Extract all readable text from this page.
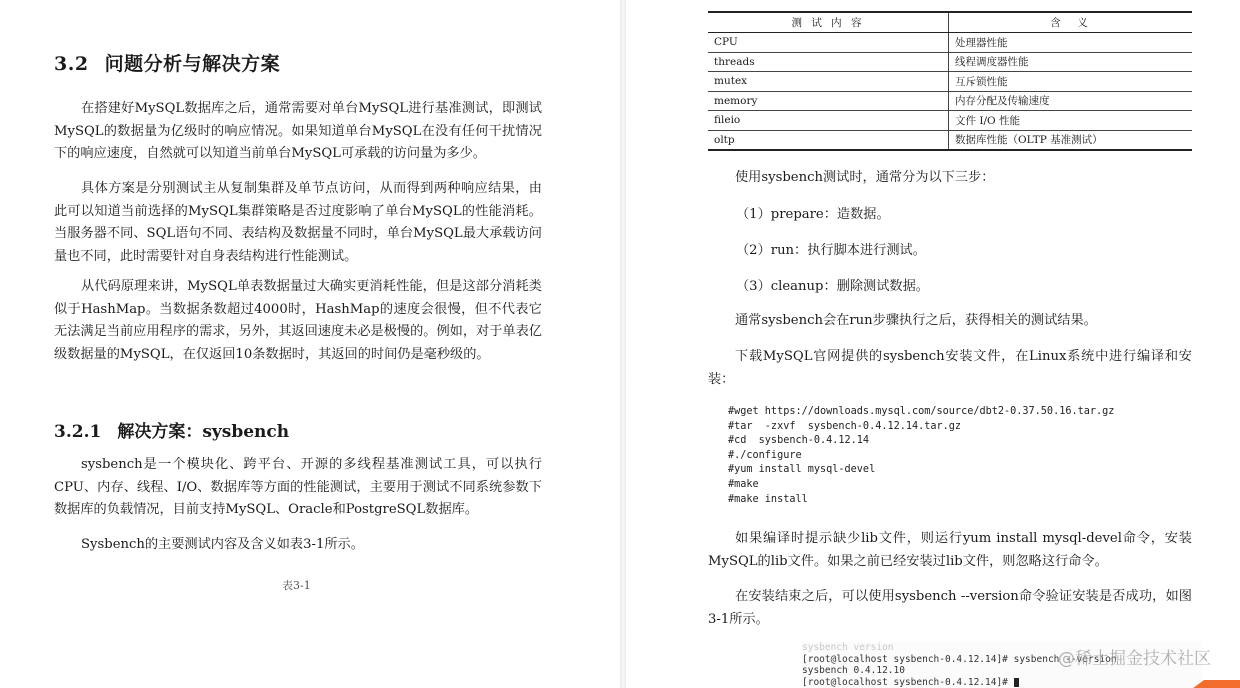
3.2 问题分析与解决方案

在搭建好MySQL数据库之后，通常需要对单台MySQL进行基准测试，即测试MySQL的数据量为亿级时的响应情况。如果知道单台MySQL在没有任何干扰情况下的响应速度，自然就可以知道当前单台MySQL可承载的访问量为多少。

具体方案是分别测试主从复制集群及单节点访问，从而得到两种响应结果，由此可以知道当前选择的MySQL集群策略是否过度影响了单台MySQL的性能消耗。当服务器不同、SQL语句不同、表结构及数据量不同时，单台MySQL最大承载访问量也不同，此时需要针对自身表结构进行性能测试。

从代码原理来讲，MySQL单表数据量过大确实更消耗性能，但是这部分消耗类似于HashMap。当数据条数超过4000时，HashMap的速度会很慢，但不代表它无法满足当前应用程序的需求，另外，其返回速度未必是极慢的。例如，对于单表亿级数据量的MySQL，在仅返回10条数据时，其返回的时间仍是毫秒级的。

3.2.1 解决方案：sysbench

sysbench是一个模块化、跨平台、开源的多线程基准测试工具，可以执行CPU、内存、线程、I/O、数据库等方面的性能测试，主要用于测试不同系统参数下数据库的负载情况，目前支持MySQL、Oracle和PostgreSQL数据库。

Sysbench的主要测试内容及含义如表3-1所示。

表3-1
测 试 内 容	含　义
CPU	处理器性能
threads	线程调度器性能
mutex	互斥锁性能
memory	内存分配及传输速度
fileio	文件 I/O 性能
oltp	数据库性能（OLTP 基准测试）

使用sysbench测试时，通常分为以下三步：

（1）prepare：造数据。

（2）run：执行脚本进行测试。

（3）cleanup：删除测试数据。

通常sysbench会在run步骤执行之后，获得相关的测试结果。

下载MySQL官网提供的sysbench安装文件，在Linux系统中进行编译和安装：

#wget https://downloads.mysql.com/source/dbt2-0.37.50.16.tar.gz
#tar  -zxvf  sysbench-0.4.12.14.tar.gz
#cd  sysbench-0.4.12.14
#./configure
#yum install mysql-devel
#make
#make install

如果编译时提示缺少lib文件，则运行yum install mysql-devel命令，安装MySQL的lib文件。如果之前已经安装过lib文件，则忽略这行命令。

在安装结束之后，可以使用sysbench --version命令验证安装是否成功，如图3-1所示。

sysbench version
[root@localhost sysbench-0.4.12.14]# sysbench --version
sysbench 0.4.12.10
[root@localhost sysbench-0.4.12.14]#
@稀土掘金技术社区
